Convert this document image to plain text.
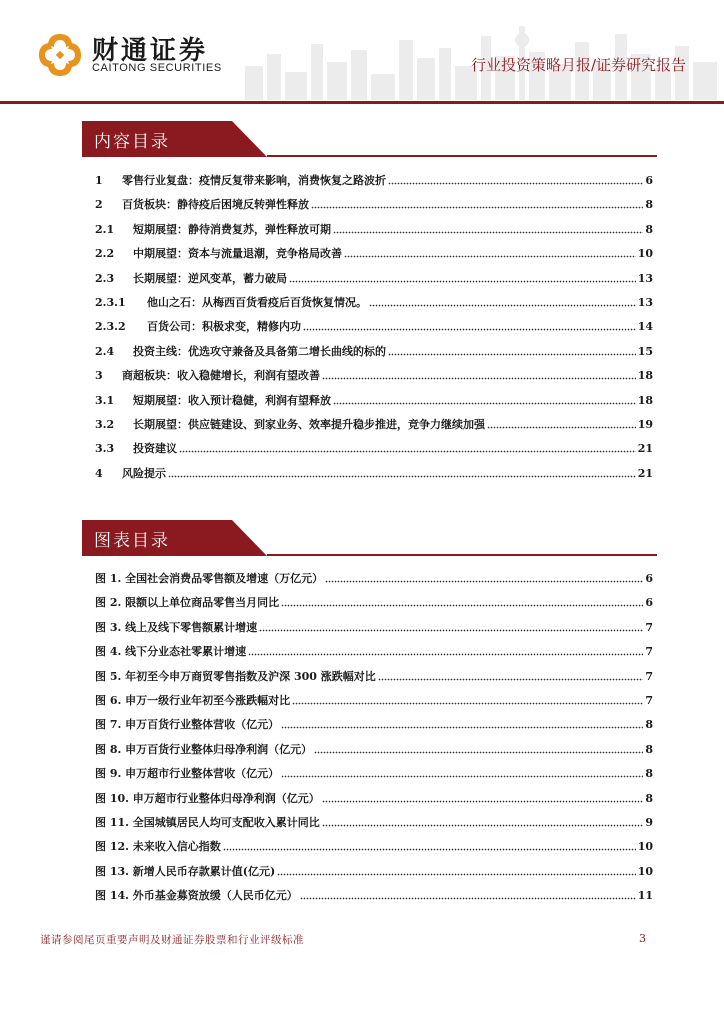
财通证券
CAITONG SECURITIES	行业投资策略月报/证券研究报告
内容目录
1	零售行业复盘：疫情反复带来影响，消费恢复之路波折	6
2	百货板块：静待疫后困境反转弹性释放	8
2.1	短期展望：静待消费复苏，弹性释放可期	8
2.2	中期展望：资本与流量退潮，竞争格局改善	10
2.3	长期展望：逆风变革，蓄力破局	13
2.3.1	他山之石：从梅西百货看疫后百货恢复情况。	13
2.3.2	百货公司：积极求变，精修内功	14
2.4	投资主线：优选攻守兼备及具备第二增长曲线的标的	15
3	商超板块：收入稳健增长，利润有望改善	18
3.1	短期展望：收入预计稳健，利润有望释放	18
3.2	长期展望：供应链建设、到家业务、效率提升稳步推进，竞争力继续加强	19
3.3	投资建议	21
4	风险提示	21
图表目录
图 1. 全国社会消费品零售额及增速（万亿元）	6
图 2. 限额以上单位商品零售当月同比	6
图 3. 线上及线下零售额累计增速	7
图 4. 线下分业态社零累计增速	7
图 5. 年初至今申万商贸零售指数及沪深 300 涨跌幅对比	7
图 6. 申万一级行业年初至今涨跌幅对比	7
图 7. 申万百货行业整体营收（亿元）	8
图 8. 申万百货行业整体归母净利润（亿元）	8
图 9. 申万超市行业整体营收（亿元）	8
图 10. 申万超市行业整体归母净利润（亿元）	8
图 11. 全国城镇居民人均可支配收入累计同比	9
图 12. 未来收入信心指数	10
图 13. 新增人民币存款累计值(亿元)	10
图 14. 外币基金募资放缓（人民币亿元）	11
谨请参阅尾页重要声明及财通证券股票和行业评级标准	3
